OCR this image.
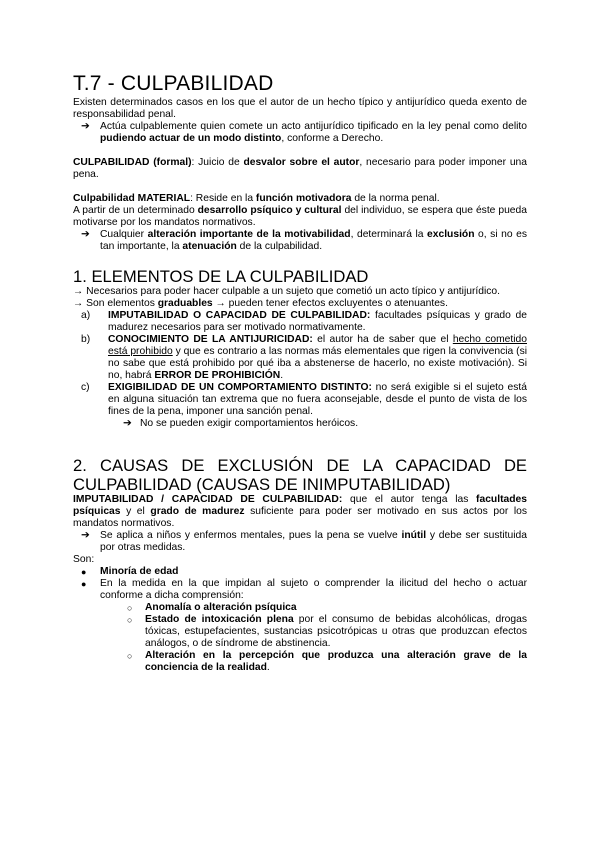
T.7 - CULPABILIDAD

Existen determinados casos en los que el autor de un hecho típico y antijurídico queda exento de responsabilidad penal.

➔	Actúa culpablemente quien comete un acto antijurídico tipificado en la ley penal como delito pudiendo actuar de un modo distinto, conforme a Derecho.

CULPABILIDAD (formal): Juicio de desvalor sobre el autor, necesario para poder imponer una pena.

Culpabilidad MATERIAL: Reside en la función motivadora de la norma penal.

A partir de un determinado desarrollo psíquico y cultural del individuo, se espera que éste pueda motivarse por los mandatos normativos.

➔	Cualquier alteración importante de la motivabilidad, determinará la exclusión o, si no es tan importante, la atenuación de la culpabilidad.

1. ELEMENTOS DE LA CULPABILIDAD

→ Necesarios para poder hacer culpable a un sujeto que cometió un acto típico y antijurídico.

→ Son elementos graduables → pueden tener efectos excluyentes o atenuantes.

a)	IMPUTABILIDAD O CAPACIDAD DE CULPABILIDAD: facultades psíquicas y grado de madurez necesarios para ser motivado normativamente.

b)	CONOCIMIENTO DE LA ANTIJURICIDAD: el autor ha de saber que el hecho cometido está prohibido y que es contrario a las normas más elementales que rigen la convivencia (si no sabe que está prohibido por qué iba a abstenerse de hacerlo, no existe motivación). Si no, habrá ERROR DE PROHIBICIÓN.

c)	EXIGIBILIDAD DE UN COMPORTAMIENTO DISTINTO: no será exigible si el sujeto está en alguna situación tan extrema que no fuera aconsejable, desde el punto de vista de los fines de la pena, imponer una sanción penal.

➔ No se pueden exigir comportamientos heróicos.

2. CAUSAS DE EXCLUSIÓN DE LA CAPACIDAD DE
CULPABILIDAD (CAUSAS DE INIMPUTABILIDAD)

IMPUTABILIDAD / CAPACIDAD DE CULPABILIDAD: que el autor tenga las facultades psíquicas y el grado de madurez suficiente para poder ser motivado en sus actos por los mandatos normativos.

➔	Se aplica a niños y enfermos mentales, pues la pena se vuelve inútil y debe ser sustituida por otras medidas.

Son:

●	Minoría de edad

●	En la medida en la que impidan al sujeto o comprender la ilicitud del hecho o actuar conforme a dicha comprensión:

○	Anomalía o alteración psíquica

○	Estado de intoxicación plena por el consumo de bebidas alcohólicas, drogas tóxicas, estupefacientes, sustancias psicotrópicas u otras que produzcan efectos análogos, o de síndrome de abstinencia.

○	Alteración en la percepción que produzca una alteración grave de la conciencia de la realidad.
